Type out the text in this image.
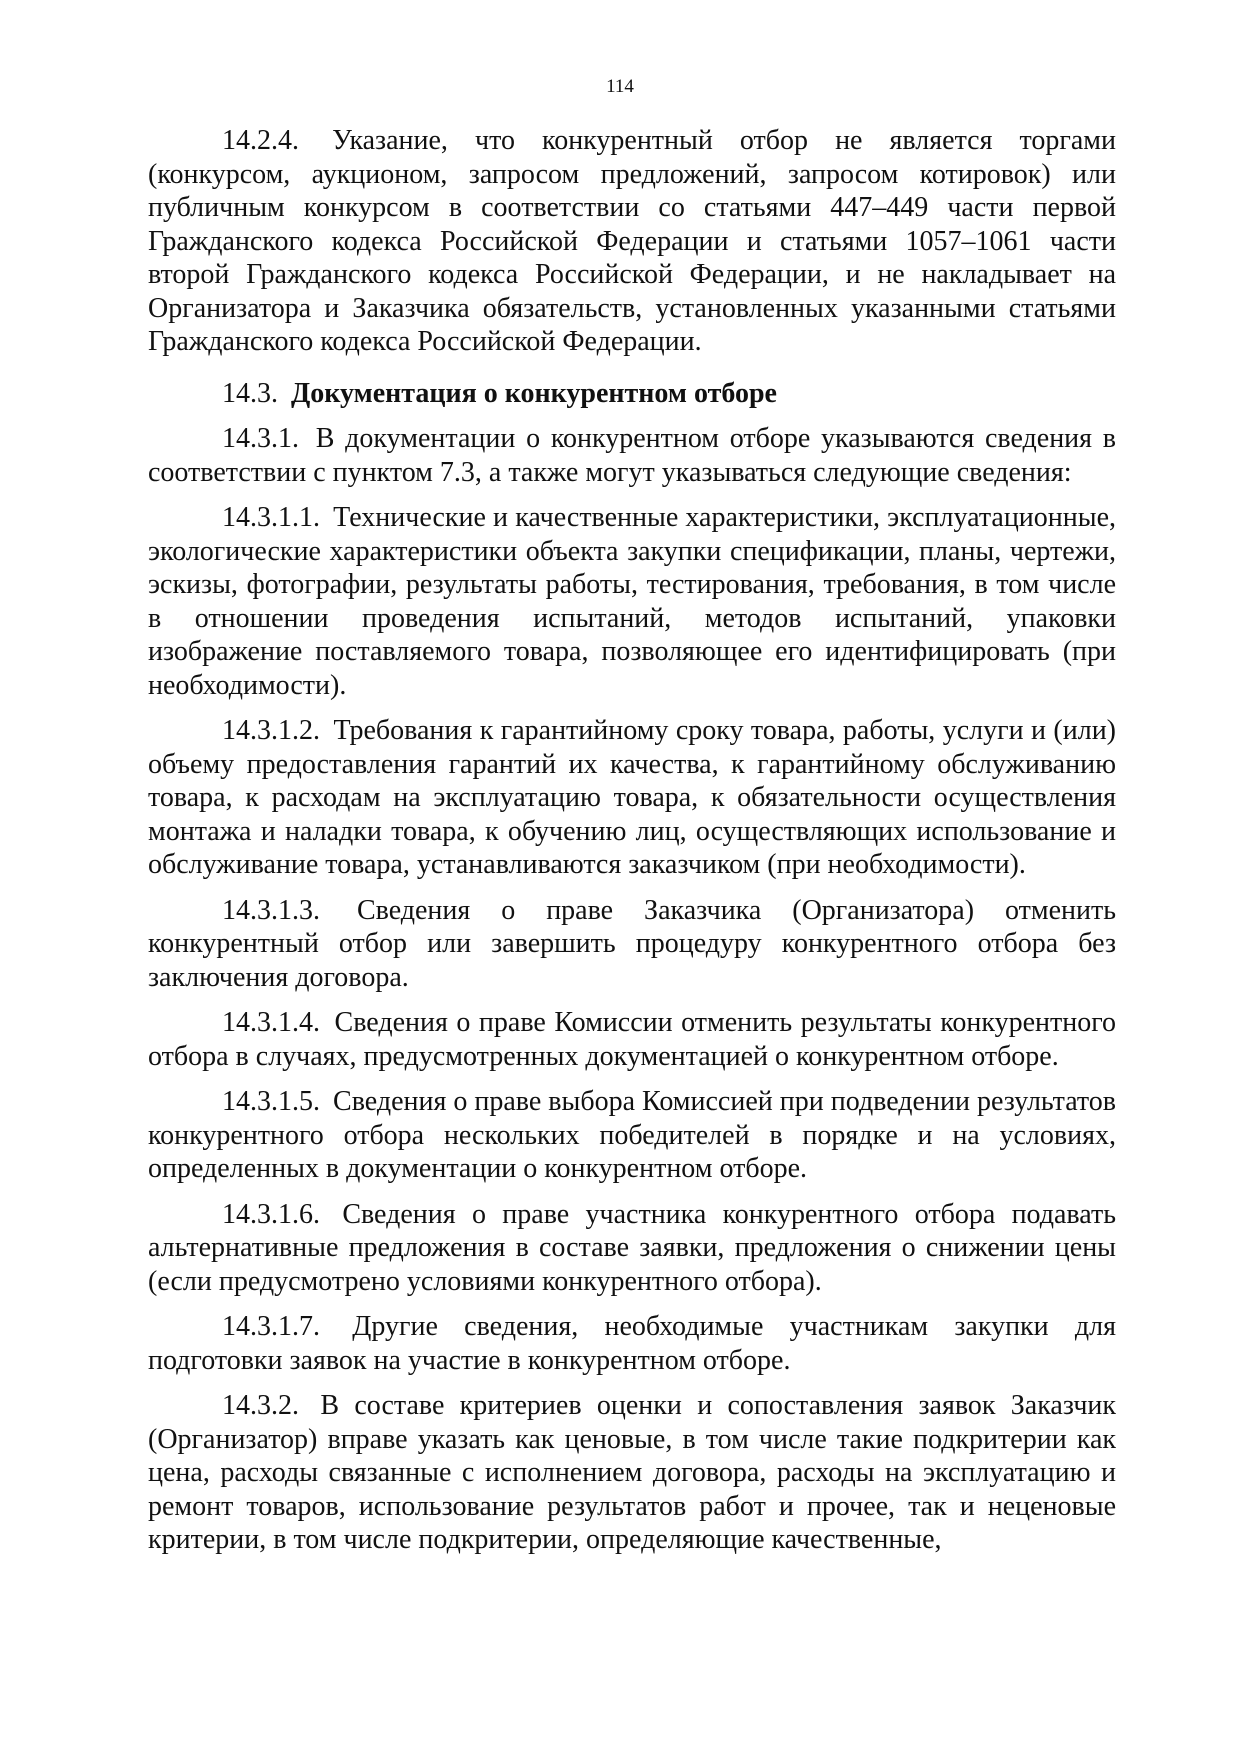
114

14.2.4. Указание, что конкурентный отбор не является торгами (конкурсом, аукционом, запросом предложений, запросом котировок) или публичным конкурсом в соответствии со статьями 447–449 части первой Гражданского кодекса Российской Федерации и статьями 1057–1061 части второй Гражданского кодекса Российской Федерации, и не накладывает на Организатора и Заказчика обязательств, установленных указанными статьями Гражданского кодекса Российской Федерации.

14.3. Документация о конкурентном отборе

14.3.1. В документации о конкурентном отборе указываются сведения в соответствии с пунктом 7.3, а также могут указываться следующие сведения:

14.3.1.1. Технические и качественные характеристики, эксплуатационные, экологические характеристики объекта закупки спецификации, планы, чертежи, эскизы, фотографии, результаты работы, тестирования, требования, в том числе в отношении проведения испытаний, методов испытаний, упаковки изображение поставляемого товара, позволяющее его идентифицировать (при необходимости).

14.3.1.2. Требования к гарантийному сроку товара, работы, услуги и (или) объему предоставления гарантий их качества, к гарантийному обслуживанию товара, к расходам на эксплуатацию товара, к обязательности осуществления монтажа и наладки товара, к обучению лиц, осуществляющих использование и обслуживание товара, устанавливаются заказчиком (при необходимости).

14.3.1.3. Сведения о праве Заказчика (Организатора) отменить конкурентный отбор или завершить процедуру конкурентного отбора без заключения договора.

14.3.1.4. Сведения о праве Комиссии отменить результаты конкурентного отбора в случаях, предусмотренных документацией о конкурентном отборе.

14.3.1.5. Сведения о праве выбора Комиссией при подведении результатов конкурентного отбора нескольких победителей в порядке и на условиях, определенных в документации о конкурентном отборе.

14.3.1.6. Сведения о праве участника конкурентного отбора подавать альтернативные предложения в составе заявки, предложения о снижении цены (если предусмотрено условиями конкурентного отбора).

14.3.1.7. Другие сведения, необходимые участникам закупки для подготовки заявок на участие в конкурентном отборе.

14.3.2. В составе критериев оценки и сопоставления заявок Заказчик (Организатор) вправе указать как ценовые, в том числе такие подкритерии как цена, расходы связанные с исполнением договора, расходы на эксплуатацию и ремонт товаров, использование результатов работ и прочее, так и неценовые критерии, в том числе подкритерии, определяющие качественные,
